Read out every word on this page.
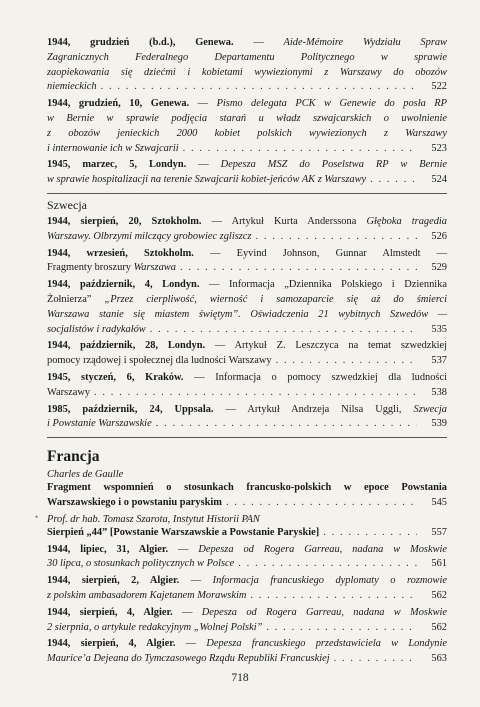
1944, grudzień (b.d.), Genewa. — Aide-Mémoire Wydziału Spraw
Zagranicznych Federalnego Departamentu Politycznego w sprawie
zaopiekowania się dziećmi i kobietami wywiezionymi z Warszawy do obozów
niemieckich . . .	522
1944, grudzień, 10, Genewa. — Pismo delegata PCK w Genewie do posła RP
w Bernie w sprawie podjęcia starań u władz szwajcarskich o uwolnienie
z obozów jenieckich 2000 kobiet polskich wywiezionych z Warszawy
i internowanie ich w Szwajcarii . . .	523
1945, marzec, 5, Londyn. — Depesza MSZ do Poselstwa RP w Bernie
w sprawie hospitalizacji na terenie Szwajcarii kobiet-jeńców AK z Warszawy . . .	524
Szwecja
1944, sierpień, 20, Sztokholm. — Artykuł Kurta Anderssona Głęboka tragedia
Warszawy. Olbrzymi milczący grobowiec zgliszcz . . .	526
1944, wrzesień, Sztokholm. — Eyvind Johnson, Gunnar Almstedt —
Fragmenty broszury Warszawa . . .	529
1944, październik, 4, Londyn. — Informacja „Dziennika Polskiego i Dziennika
Żołnierza” „Przez cierpliwość, wierność i samozaparcie się aż do śmierci
Warszawa stanie się miastem świętym”. Oświadczenia 21 wybitnych Szwedów —
socjalistów i radykałów . . .	535
1944, październik, 28, Londyn. — Artykuł Z. Leszczyca na temat szwedzkiej
pomocy rządowej i społecznej dla ludności Warszawy . . .	537
1945, styczeń, 6, Kraków. — Informacja o pomocy szwedzkiej dla ludności
Warszawy . . .	538
1985, październik, 24, Uppsala. — Artykuł Andrzeja Nilsa Uggli, Szwecja
i Powstanie Warszawskie . . .	539
Francja
Charles de Gaulle
Fragment wspomnień o stosunkach francusko-polskich w epoce Powstania
Warszawskiego i o powstaniu paryskim . . .	545
Prof. dr hab. Tomasz Szarota, Instytut Historii PAN
Sierpień „44” [Powstanie Warszawskie a Powstanie Paryskie] . . .	557
1944, lipiec, 31, Algier. — Depesza od Rogera Garreau, nadana w Moskwie
30 lipca, o stosunkach politycznych w Polsce . . .	561
1944, sierpień, 2, Algier. — Informacja francuskiego dyplomaty o rozmowie
z polskim ambasadorem Kajetanem Morawskim . . .	562
1944, sierpień, 4, Algier. — Depesza od Rogera Garreau, nadana w Moskwie
2 sierpnia, o artykule redakcyjnym „Wolnej Polski” . . .	562
1944, sierpień, 4, Algier. — Depesza francuskiego przedstawiciela w Londynie
Maurice’a Dejeana do Tymczasowego Rządu Republiki Francuskiej . . .	563
•
718
